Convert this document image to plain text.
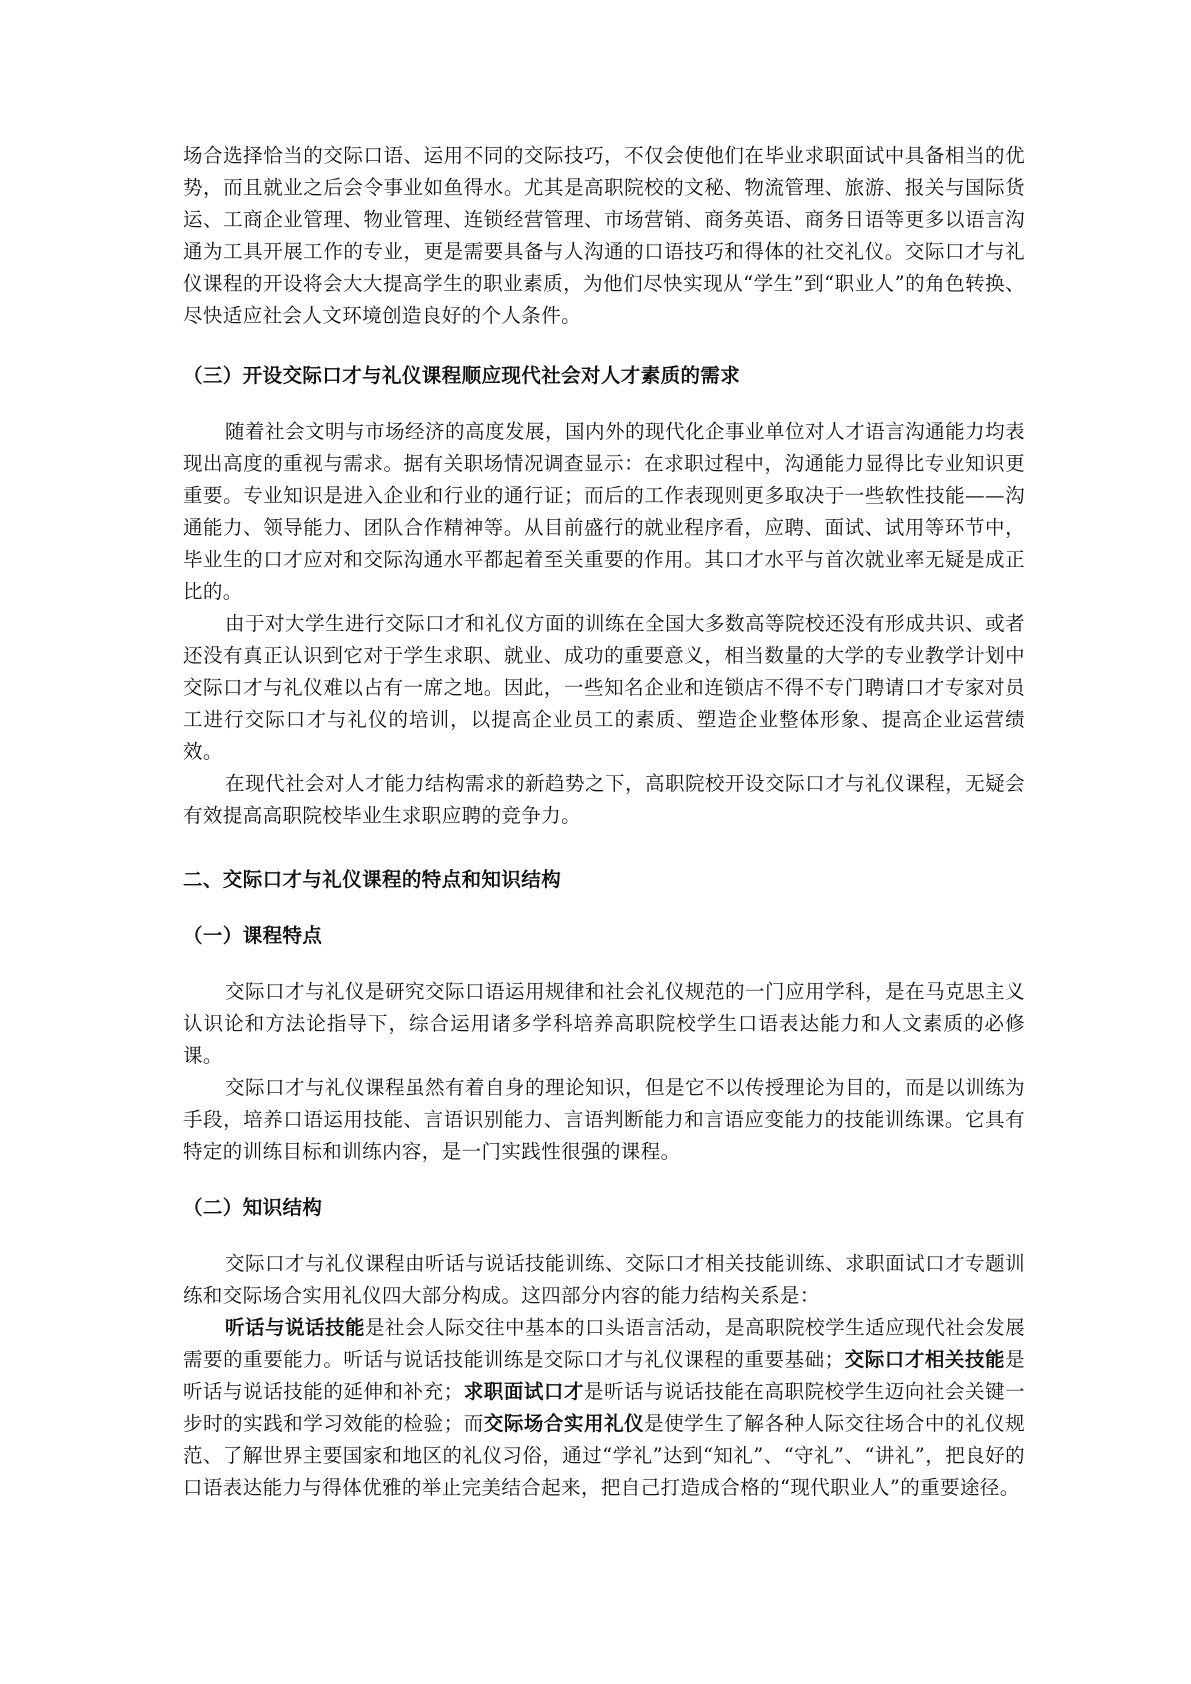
场合选择恰当的交际口语、运用不同的交际技巧，不仅会使他们在毕业求职面试中具备相当的优势，而且就业之后会令事业如鱼得水。尤其是高职院校的文秘、物流管理、旅游、报关与国际货运、工商企业管理、物业管理、连锁经营管理、市场营销、商务英语、商务日语等更多以语言沟通为工具开展工作的专业，更是需要具备与人沟通的口语技巧和得体的社交礼仪。交际口才与礼仪课程的开设将会大大提高学生的职业素质，为他们尽快实现从“学生”到“职业人”的角色转换、尽快适应社会人文环境创造良好的个人条件。

（三）开设交际口才与礼仪课程顺应现代社会对人才素质的需求

随着社会文明与市场经济的高度发展，国内外的现代化企事业单位对人才语言沟通能力均表现出高度的重视与需求。据有关职场情况调查显示：在求职过程中，沟通能力显得比专业知识更重要。专业知识是进入企业和行业的通行证；而后的工作表现则更多取决于一些软性技能——沟通能力、领导能力、团队合作精神等。从目前盛行的就业程序看，应聘、面试、试用等环节中，毕业生的口才应对和交际沟通水平都起着至关重要的作用。其口才水平与首次就业率无疑是成正比的。

由于对大学生进行交际口才和礼仪方面的训练在全国大多数高等院校还没有形成共识、或者还没有真正认识到它对于学生求职、就业、成功的重要意义，相当数量的大学的专业教学计划中交际口才与礼仪难以占有一席之地。因此，一些知名企业和连锁店不得不专门聘请口才专家对员工进行交际口才与礼仪的培训，以提高企业员工的素质、塑造企业整体形象、提高企业运营绩效。

在现代社会对人才能力结构需求的新趋势之下，高职院校开设交际口才与礼仪课程，无疑会有效提高高职院校毕业生求职应聘的竞争力。

二、交际口才与礼仪课程的特点和知识结构
（一）课程特点

交际口才与礼仪是研究交际口语运用规律和社会礼仪规范的一门应用学科，是在马克思主义认识论和方法论指导下，综合运用诸多学科培养高职院校学生口语表达能力和人文素质的必修课。

交际口才与礼仪课程虽然有着自身的理论知识，但是它不以传授理论为目的，而是以训练为手段，培养口语运用技能、言语识别能力、言语判断能力和言语应变能力的技能训练课。它具有特定的训练目标和训练内容，是一门实践性很强的课程。

（二）知识结构

交际口才与礼仪课程由听话与说话技能训练、交际口才相关技能训练、求职面试口才专题训练和交际场合实用礼仪四大部分构成。这四部分内容的能力结构关系是：

听话与说话技能是社会人际交往中基本的口头语言活动，是高职院校学生适应现代社会发展需要的重要能力。听话与说话技能训练是交际口才与礼仪课程的重要基础；交际口才相关技能是听话与说话技能的延伸和补充；求职面试口才是听话与说话技能在高职院校学生迈向社会关键一步时的实践和学习效能的检验；而交际场合实用礼仪是使学生了解各种人际交往场合中的礼仪规范、了解世界主要国家和地区的礼仪习俗，通过“学礼”达到“知礼”、“守礼”、“讲礼”，把良好的口语表达能力与得体优雅的举止完美结合起来，把自己打造成合格的“现代职业人”的重要途径。
